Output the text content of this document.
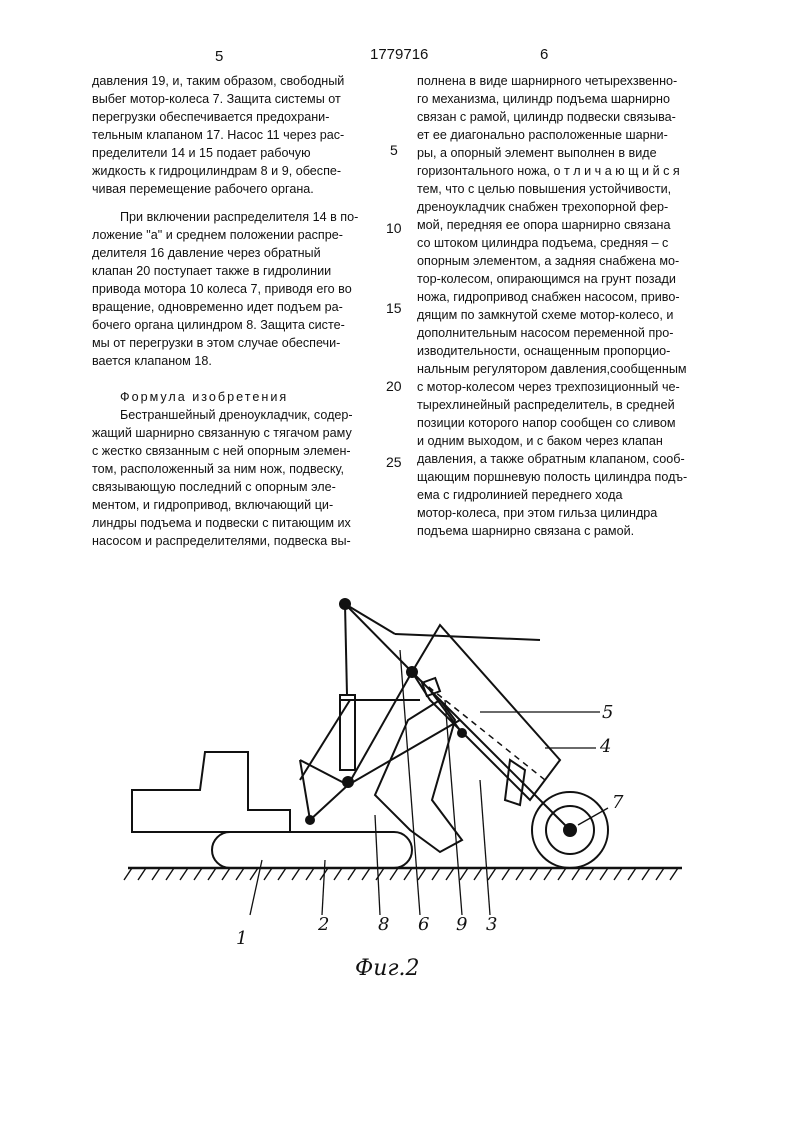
5	1779716	6

давления 19, и, таким образом, свободный
выбег мотор-колеса 7. Защита системы от
перегрузки обеспечивается предохрани-
тельным клапаном 17. Насос 11 через рас-
пределители 14 и 15 подает рабочую
жидкость к гидроцилиндрам 8 и 9, обеспе-
чивая перемещение рабочего органа.

При включении распределителя 14 в по-
ложение "а" и среднем положении распре-
делителя 16 давление через обратный
клапан 20 поступает также в гидролинии
привода мотора 10 колеса 7, приводя его во
вращение, одновременно идет подъем ра-
бочего органа цилиндром 8. Защита систе-
мы от перегрузки в этом случае обеспечи-
вается клапаном 18.

Формула изобретения

Бестраншейный дреноукладчик, содер-
жащий шарнирно связанную с тягачом раму
с жестко связанным с ней опорным элемен-
том, расположенный за ним нож, подвеску,
связывающую последний с опорным эле-
ментом, и гидропривод, включающий ци-
линдры подъема и подвески с питающим их
насосом и распределителями, подвеска вы-

5
10
15
20
25
полнена в виде шарнирного четырехзвенно-
го механизма, цилиндр подъема шарнирно
связан с рамой, цилиндр подвески связыва-
ет ее диагонально расположенные шарни-
ры, а опорный элемент выполнен в виде
горизонтального ножа, о т л и ч а ю щ и й с я
тем, что с целью повышения устойчивости,
дреноукладчик снабжен трехопорной фер-
мой, передняя ее опора шарнирно связана
со штоком цилиндра подъема, средняя – с
опорным элементом, а задняя снабжена мо-
тор-колесом, опирающимся на грунт позади
ножа, гидропривод снабжен насосом, приво-
дящим по замкнутой схеме мотор-колесо, и
дополнительным насосом переменной про-
изводительности, оснащенным пропорцио-
нальным регулятором давления,сообщенным
с мотор-колесом через трехпозиционный че-
тырехлинейный распределитель, в средней
позиции которого напор сообщен со сливом
и одним выходом, и с баком через клапан
давления, а также обратным клапаном, сооб-
щающим поршневую полость цилиндра подъ-
ема с гидролинией переднего хода
мотор-колеса, при этом гильза цилиндра
подъема шарнирно связана с рамой.
1
2	8 6 9 3
5
4
7
Фиг.2
